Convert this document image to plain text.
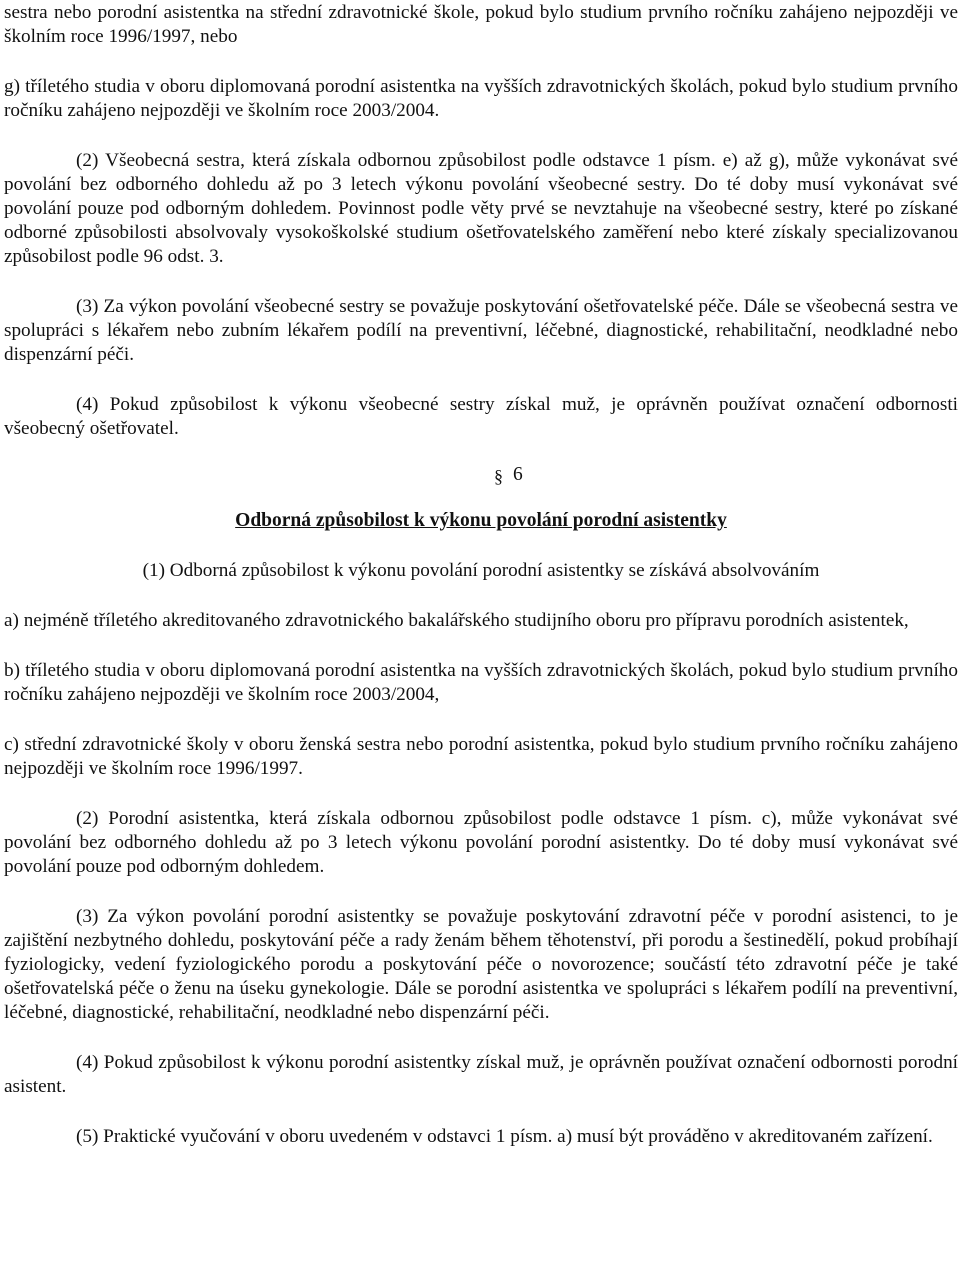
sestra nebo porodní asistentka na střední zdravotnické škole, pokud bylo studium prvního ročníku zahájeno nejpozději ve školním roce 1996/1997, nebo

g) tříletého studia v oboru diplomovaná porodní asistentka na vyšších zdravotnických školách, pokud bylo studium prvního ročníku zahájeno nejpozději ve školním roce 2003/2004.

(2) Všeobecná sestra, která získala odbornou způsobilost podle odstavce 1 písm. e) až g), může vykonávat své povolání bez odborného dohledu až po 3 letech výkonu povolání všeobecné sestry. Do té doby musí vykonávat své povolání pouze pod odborným dohledem. Povinnost podle věty prvé se nevztahuje na všeobecné sestry, které po získané odborné způsobilosti absolvovaly vysokoškolské studium ošetřovatelského zaměření nebo které získaly specializovanou způsobilost podle 96 odst. 3.

(3) Za výkon povolání všeobecné sestry se považuje poskytování ošetřovatelské péče. Dále se všeobecná sestra ve spolupráci s lékařem nebo zubním lékařem podílí na preventivní, léčebné, diagnostické, rehabilitační, neodkladné nebo dispenzární péči.

(4) Pokud způsobilost k výkonu všeobecné sestry získal muž, je oprávněn používat označení odbornosti všeobecný ošetřovatel.

§ 6

Odborná způsobilost k výkonu povolání porodní asistentky

(1) Odborná způsobilost k výkonu povolání porodní asistentky se získává absolvováním

a) nejméně tříletého akreditovaného zdravotnického bakalářského studijního oboru pro přípravu porodních asistentek,

b) tříletého studia v oboru diplomovaná porodní asistentka na vyšších zdravotnických školách, pokud bylo studium prvního ročníku zahájeno nejpozději ve školním roce 2003/2004,

c) střední zdravotnické školy v oboru ženská sestra nebo porodní asistentka, pokud bylo studium prvního ročníku zahájeno nejpozději ve školním roce 1996/1997.

(2) Porodní asistentka, která získala odbornou způsobilost podle odstavce 1 písm. c), může vykonávat své povolání bez odborného dohledu až po 3 letech výkonu povolání porodní asistentky. Do té doby musí vykonávat své povolání pouze pod odborným dohledem.

(3) Za výkon povolání porodní asistentky se považuje poskytování zdravotní péče v porodní asistenci, to je zajištění nezbytného dohledu, poskytování péče a rady ženám během těhotenství, při porodu a šestinedělí, pokud probíhají fyziologicky, vedení fyziologického porodu a poskytování péče o novorozence; součástí této zdravotní péče je také ošetřovatelská péče o ženu na úseku gynekologie. Dále se porodní asistentka ve spolupráci s lékařem podílí na preventivní, léčebné, diagnostické, rehabilitační, neodkladné nebo dispenzární péči.

(4) Pokud způsobilost k výkonu porodní asistentky získal muž, je oprávněn používat označení odbornosti porodní asistent.

(5) Praktické vyučování v oboru uvedeném v odstavci 1 písm. a) musí být prováděno v akreditovaném zařízení.
